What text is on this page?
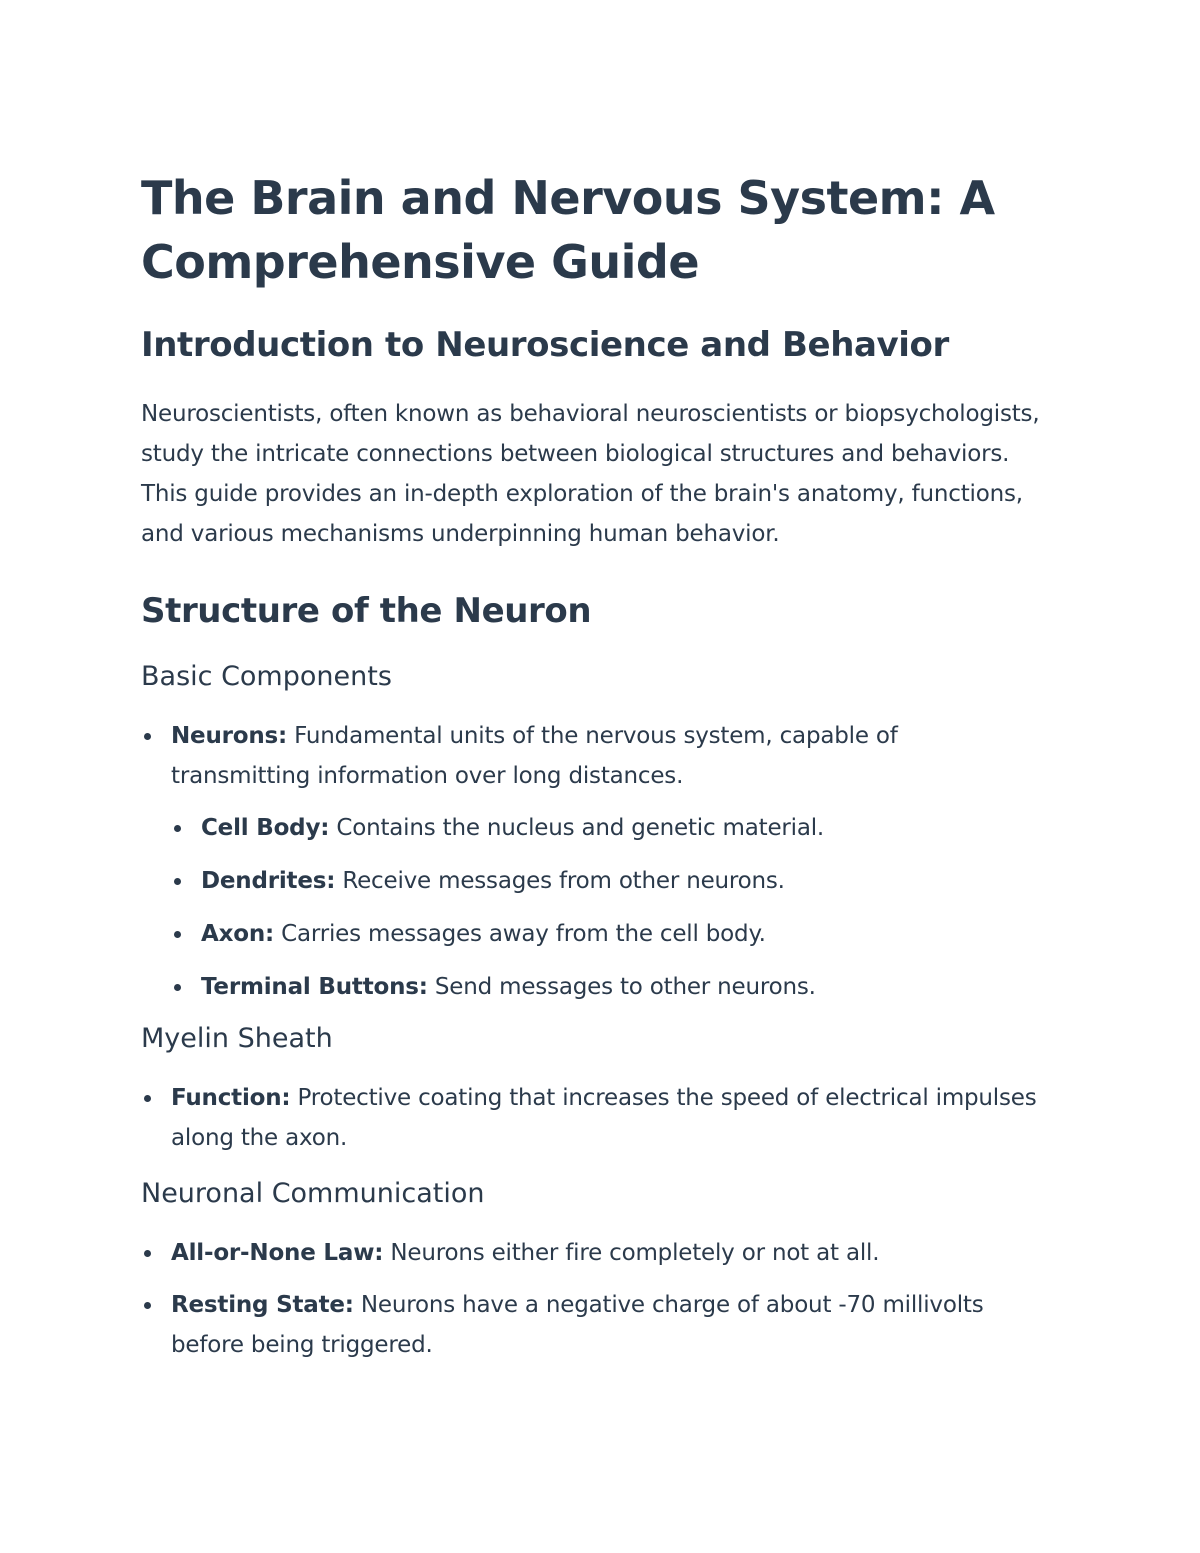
The Brain and Nervous System: A Comprehensive Guide
Introduction to Neuroscience and Behavior

Neuroscientists, often known as behavioral neuroscientists or biopsychologists, study the intricate connections between biological structures and behaviors. This guide provides an in-depth exploration of the brain's anatomy, functions, and various mechanisms underpinning human behavior.

Structure of the Neuron
Basic Components
Neurons: Fundamental units of the nervous system, capable of transmitting information over long distances.
Cell Body: Contains the nucleus and genetic material.
Dendrites: Receive messages from other neurons.
Axon: Carries messages away from the cell body.
Terminal Buttons: Send messages to other neurons.
Myelin Sheath
Function: Protective coating that increases the speed of electrical impulses along the axon.
Neuronal Communication
All-or-None Law: Neurons either fire completely or not at all.
Resting State: Neurons have a negative charge of about -70 millivolts before being triggered.
